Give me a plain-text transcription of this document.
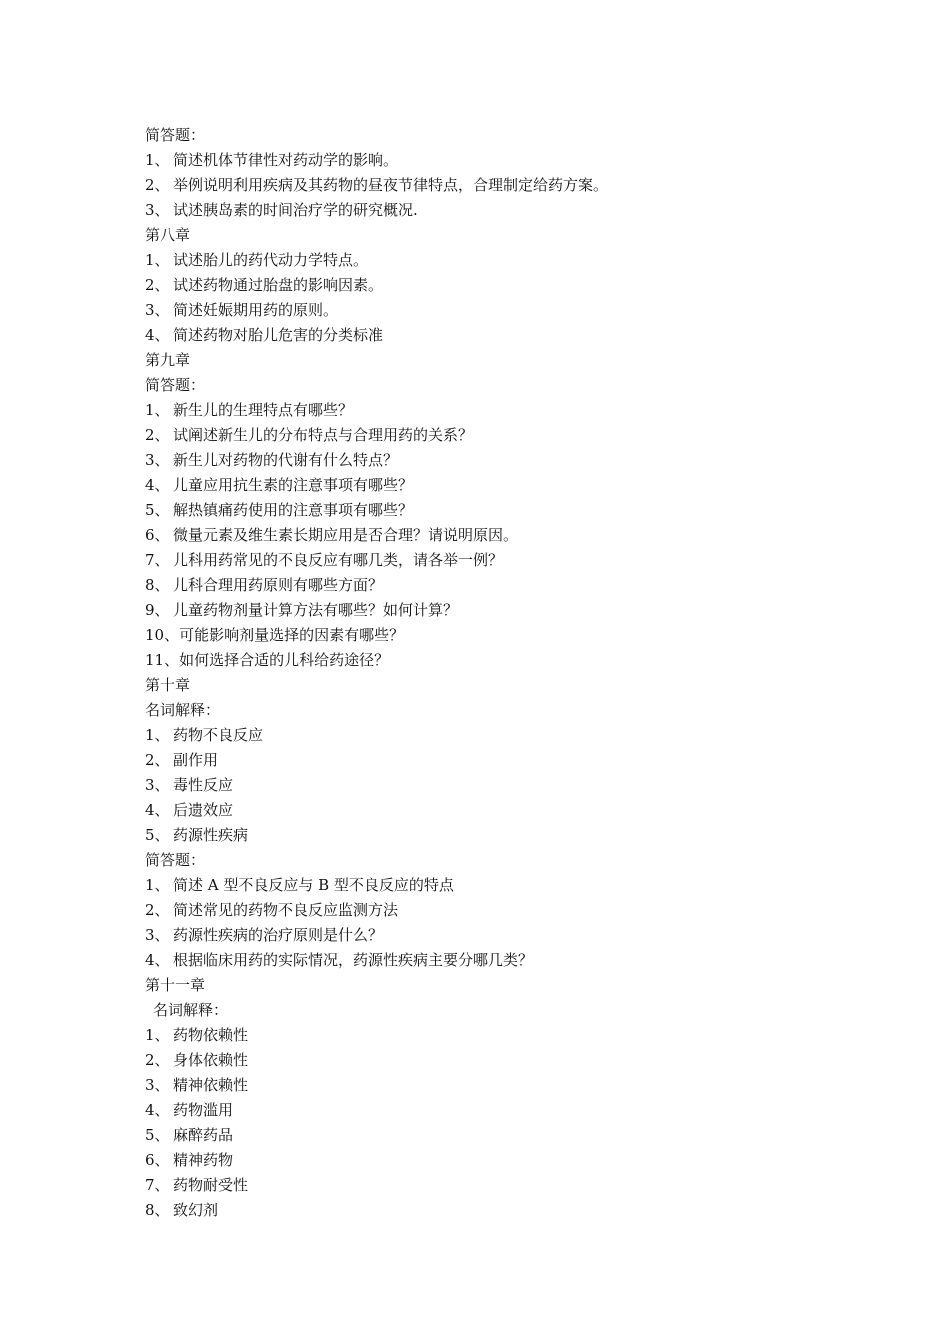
简答题：
1、 简述机体节律性对药动学的影响。
2、 举例说明利用疾病及其药物的昼夜节律特点，合理制定给药方案。
3、 试述胰岛素的时间治疗学的研究概况.
第八章
1、 试述胎儿的药代动力学特点。
2、 试述药物通过胎盘的影响因素。
3、 简述妊娠期用药的原则。
4、 简述药物对胎儿危害的分类标准
第九章
简答题：
1、 新生儿的生理特点有哪些？
2、 试阐述新生儿的分布特点与合理用药的关系？
3、 新生儿对药物的代谢有什么特点？
4、 儿童应用抗生素的注意事项有哪些？
5、 解热镇痛药使用的注意事项有哪些？
6、 微量元素及维生素长期应用是否合理？请说明原因。
7、 儿科用药常见的不良反应有哪几类，请各举一例？
8、 儿科合理用药原则有哪些方面？
9、 儿童药物剂量计算方法有哪些？如何计算？
10、可能影响剂量选择的因素有哪些？
11、如何选择合适的儿科给药途径？
第十章
名词解释：
1、 药物不良反应
2、 副作用
3、 毒性反应
4、 后遗效应
5、 药源性疾病
简答题：
1、 简述 A 型不良反应与 B 型不良反应的特点
2、 简述常见的药物不良反应监测方法
3、 药源性疾病的治疗原则是什么？
4、 根据临床用药的实际情况，药源性疾病主要分哪几类？
第十一章
名词解释：
1、 药物依赖性
2、 身体依赖性
3、 精神依赖性
4、 药物滥用
5、 麻醉药品
6、 精神药物
7、 药物耐受性
8、 致幻剂
